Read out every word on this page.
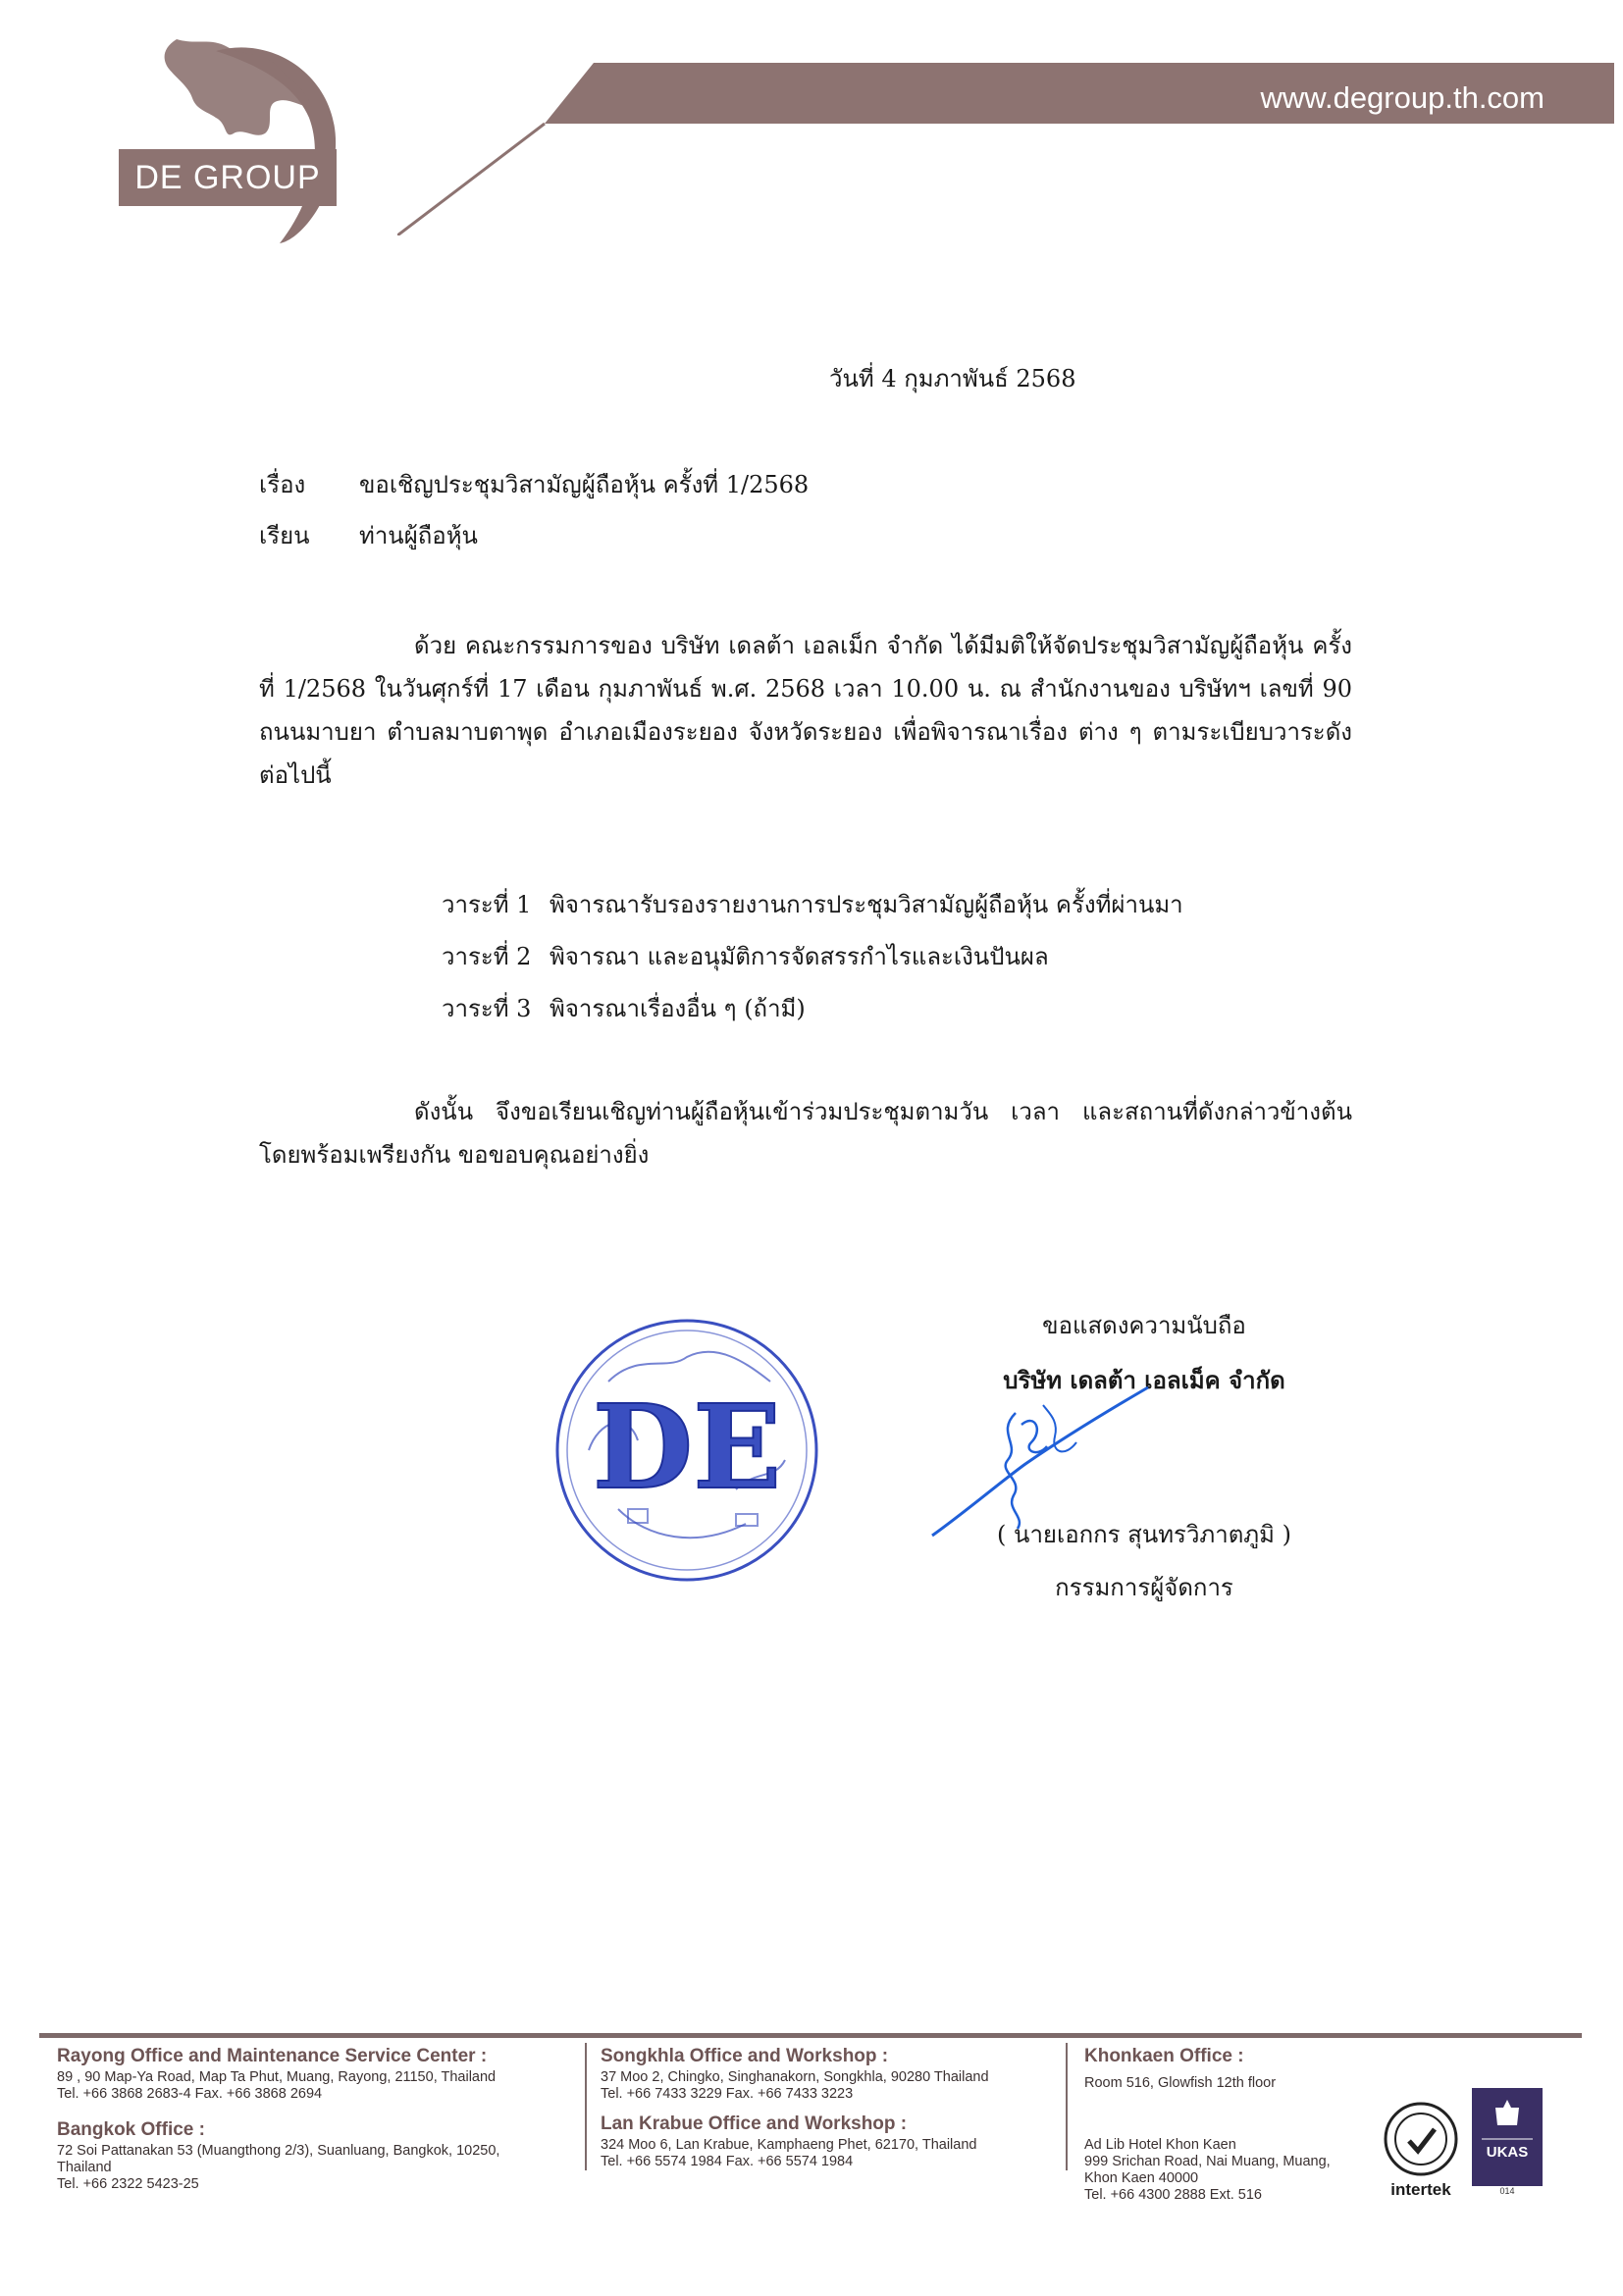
DE GROUP
www.degroup.th.com
วันที่ 4 กุมภาพันธ์ 2568
เรื่อง ขอเชิญประชุมวิสามัญผู้ถือหุ้น ครั้งที่ 1/2568
เรียน ท่านผู้ถือหุ้น
ด้วย คณะกรรมการของ บริษัท เดลต้า เอลเม็ก จำกัด ได้มีมติให้จัดประชุมวิสามัญผู้ถือหุ้น ครั้งที่ 1/2568 ในวันศุกร์ที่ 17 เดือน กุมภาพันธ์ พ.ศ. 2568 เวลา 10.00 น. ณ สำนักงานของ บริษัทฯ เลขที่ 90 ถนนมาบยา ตำบลมาบตาพุด อำเภอเมืองระยอง จังหวัดระยอง เพื่อพิจารณาเรื่อง ต่าง ๆ ตามระเบียบวาระดังต่อไปนี้
วาระที่ 1 พิจารณารับรองรายงานการประชุมวิสามัญผู้ถือหุ้น ครั้งที่ผ่านมา
วาระที่ 2 พิจารณา และอนุมัติการจัดสรรกำไรและเงินปันผล
วาระที่ 3 พิจารณาเรื่องอื่น ๆ (ถ้ามี)
ดังนั้น จึงขอเรียนเชิญท่านผู้ถือหุ้นเข้าร่วมประชุมตามวัน เวลา และสถานที่ดังกล่าวข้างต้น โดยพร้อมเพรียงกัน ขอขอบคุณอย่างยิ่ง
ขอแสดงความนับถือ
บริษัท เดลต้า เอลเม็ค จำกัด
DE
( นายเอกกร สุนทรวิภาตภูมิ )
กรรมการผู้จัดการ
Rayong Office and Maintenance Service Center :
89 , 90 Map-Ya Road, Map Ta Phut, Muang, Rayong, 21150, Thailand
Tel. +66 3868 2683-4 Fax. +66 3868 2694
Bangkok Office :
72 Soi Pattanakan 53 (Muangthong 2/3), Suanluang, Bangkok, 10250,
Thailand
Tel. +66 2322 5423-25
Songkhla Office and Workshop :
37 Moo 2, Chingko, Singhanakorn, Songkhla, 90280 Thailand
Tel. +66 7433 3229 Fax. +66 7433 3223
Lan Krabue Office and Workshop :
324 Moo 6, Lan Krabue, Kamphaeng Phet, 62170, Thailand
Tel. +66 5574 1984 Fax. +66 5574 1984
Khonkaen Office :
Room 516, Glowfish 12th floor
Ad Lib Hotel Khon Kaen
999 Srichan Road, Nai Muang, Muang,
Khon Kaen 40000
Tel. +66 4300 2888 Ext. 516	intertek
UKAS
014
